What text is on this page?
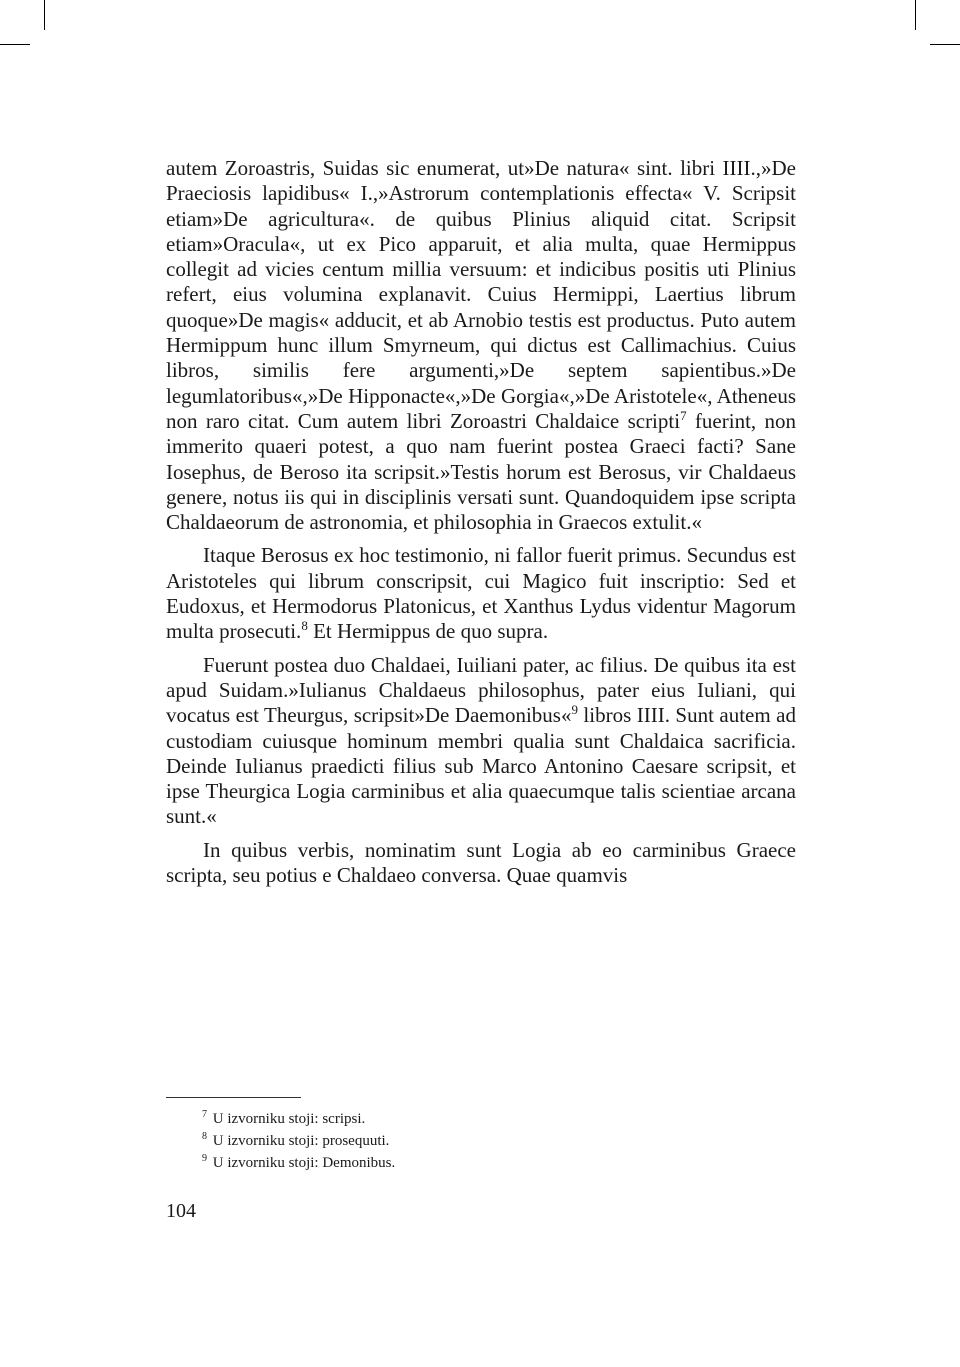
autem Zoroastris, Suidas sic enumerat, ut»De natura« sint. libri IIII.,»De Praeciosis lapidibus« I.,»Astrorum contemplationis effecta« V. Scripsit etiam»De agricultura«. de quibus Plinius aliquid citat. Scripsit etiam»Oracula«, ut ex Pico apparuit, et alia multa, quae Hermippus collegit ad vicies centum millia versuum: et indicibus positis uti Plinius refert, eius volumina explanavit. Cuius Hermippi, Laertius librum quoque»De magis« adducit, et ab Arnobio testis est productus. Puto autem Hermippum hunc illum Smyrneum, qui dictus est Callimachius. Cuius libros, similis fere argumenti,»De septem sapientibus.»De legumlatoribus«,»De Hipponacte«,»De Gorgia«,»De Aristotele«, Atheneus non raro citat. Cum autem libri Zoroastri Chaldaice scripti$^7$ fuerint, non immerito quaeri potest, a quo nam fuerint postea Graeci facti? Sane Iosephus, de Beroso ita scripsit.»Testis horum est Berosus, vir Chaldaeus genere, notus iis qui in disciplinis versati sunt. Quandoquidem ipse scripta Chaldaeorum de astronomia, et philosophia in Graecos extulit.«

Itaque Berosus ex hoc testimonio, ni fallor fuerit primus. Secundus est Aristoteles qui librum conscripsit, cui Magico fuit inscriptio: Sed et Eudoxus, et Hermodorus Platonicus, et Xanthus Lydus videntur Magorum multa prosecuti.$^8$ Et Hermippus de quo supra.

Fuerunt postea duo Chaldaei, Iuiliani pater, ac filius. De quibus ita est apud Suidam.»Iulianus Chaldaeus philosophus, pater eius Iuliani, qui vocatus est Theurgus, scripsit»De Daemonibus«$^9$ libros IIII. Sunt autem ad custodiam cuiusque hominum membri qualia sunt Chaldaica sacrificia. Deinde Iulianus praedicti filius sub Marco Antonino Caesare scripsit, et ipse Theurgica Logia carminibus et alia quaecumque talis scientiae arcana sunt.«

In quibus verbis, nominatim sunt Logia ab eo carminibus Graece scripta, seu potius e Chaldaeo conversa. Quae quamvis

$^7$ U izvorniku stoji: scripsi.
$^8$ U izvorniku stoji: prosequuti.
$^9$ U izvorniku stoji: Demonibus.
104
